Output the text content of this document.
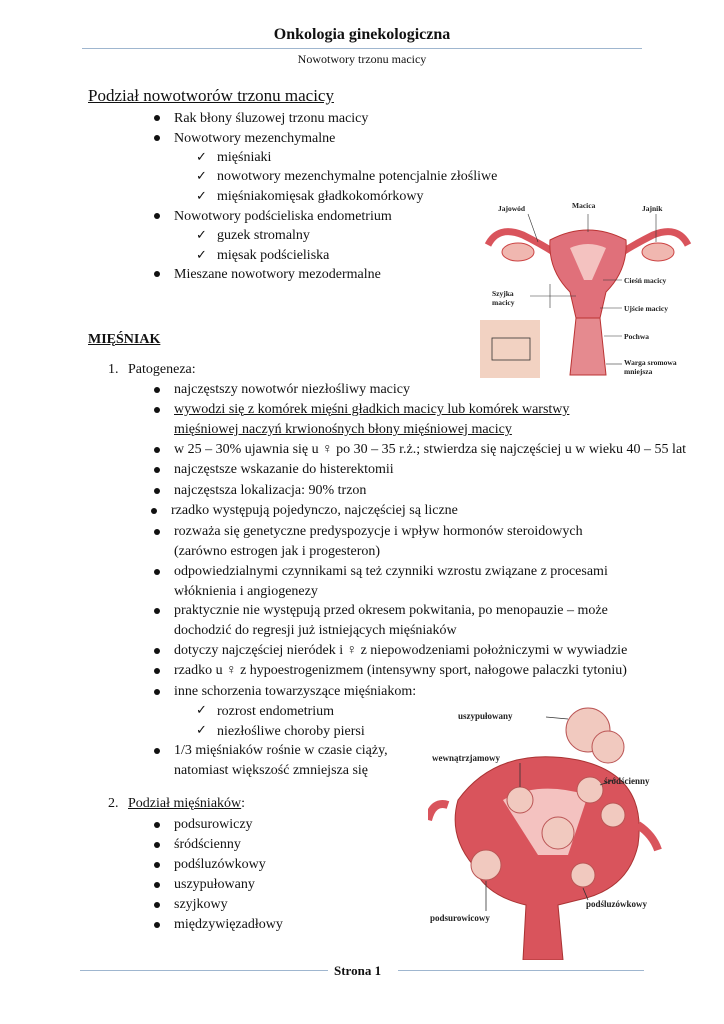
Onkologia ginekologiczna
Nowotwory trzonu macicy
Podział nowotworów trzonu macicy
Rak błony śluzowej trzonu macicy
Nowotwory mezenchymalne
✓ mięśniaki
✓ nowotwory mezenchymalne potencjalnie złośliwe
✓ mięśniakomięsak gładkokomórkowy
Nowotwory podścieliska endometrium
✓ guzek stromalny
✓ mięsak podścieliska
Mieszane nowotwory mezodermalne
Jajowód	Macica	Jajnik
Szyjka
macicy
Cieśń macicy
Ujście macicy
Pochwa
Warga sromowa
mniejsza
MIĘŚNIAK
1. Patogeneza:
najczęstszy nowotwór niezłośliwy macicy
wywodzi się z komórek mięśni gładkich macicy lub komórek warstwy
mięśniowej naczyń krwionośnych błony mięśniowej macicy
w 25 – 30% ujawnia się u ♀ po 30 – 35 r.ż.; stwierdza się najczęściej u w wieku 40 – 55 lat
najczęstsze wskazanie do histerektomii
najczęstsza lokalizacja: 90% trzon
rzadko występują pojedynczo, najczęściej są liczne
rozważa się genetyczne predyspozycje i wpływ hormonów steroidowych
(zarówno estrogen jak i progesteron)
odpowiedzialnymi czynnikami są też czynniki wzrostu związane z procesami
włóknienia i angiogenezy
praktycznie nie występują przed okresem pokwitania, po menopauzie – może
dochodzić do regresji już istniejących mięśniaków
dotyczy najczęściej nieródek i ♀ z niepowodzeniami położniczymi w wywiadzie
rzadko u ♀ z hypoestrogenizmem (intensywny sport, nałogowe palaczki tytoniu)
inne schorzenia towarzyszące mięśniakom:
✓ rozrost endometrium
✓ niezłośliwe choroby piersi
1/3 mięśniaków rośnie w czasie ciąży,
natomiast większość zmniejsza się
2. Podział mięśniaków:
podsurowiczy
śródścienny
podśluzówkowy
uszypułowany
szyjkowy
międzywięzadłowy
uszypułowany
wewnątrzjamowy
śródścienny
podsurowicowy
podśluzówkowy
Strona 1
